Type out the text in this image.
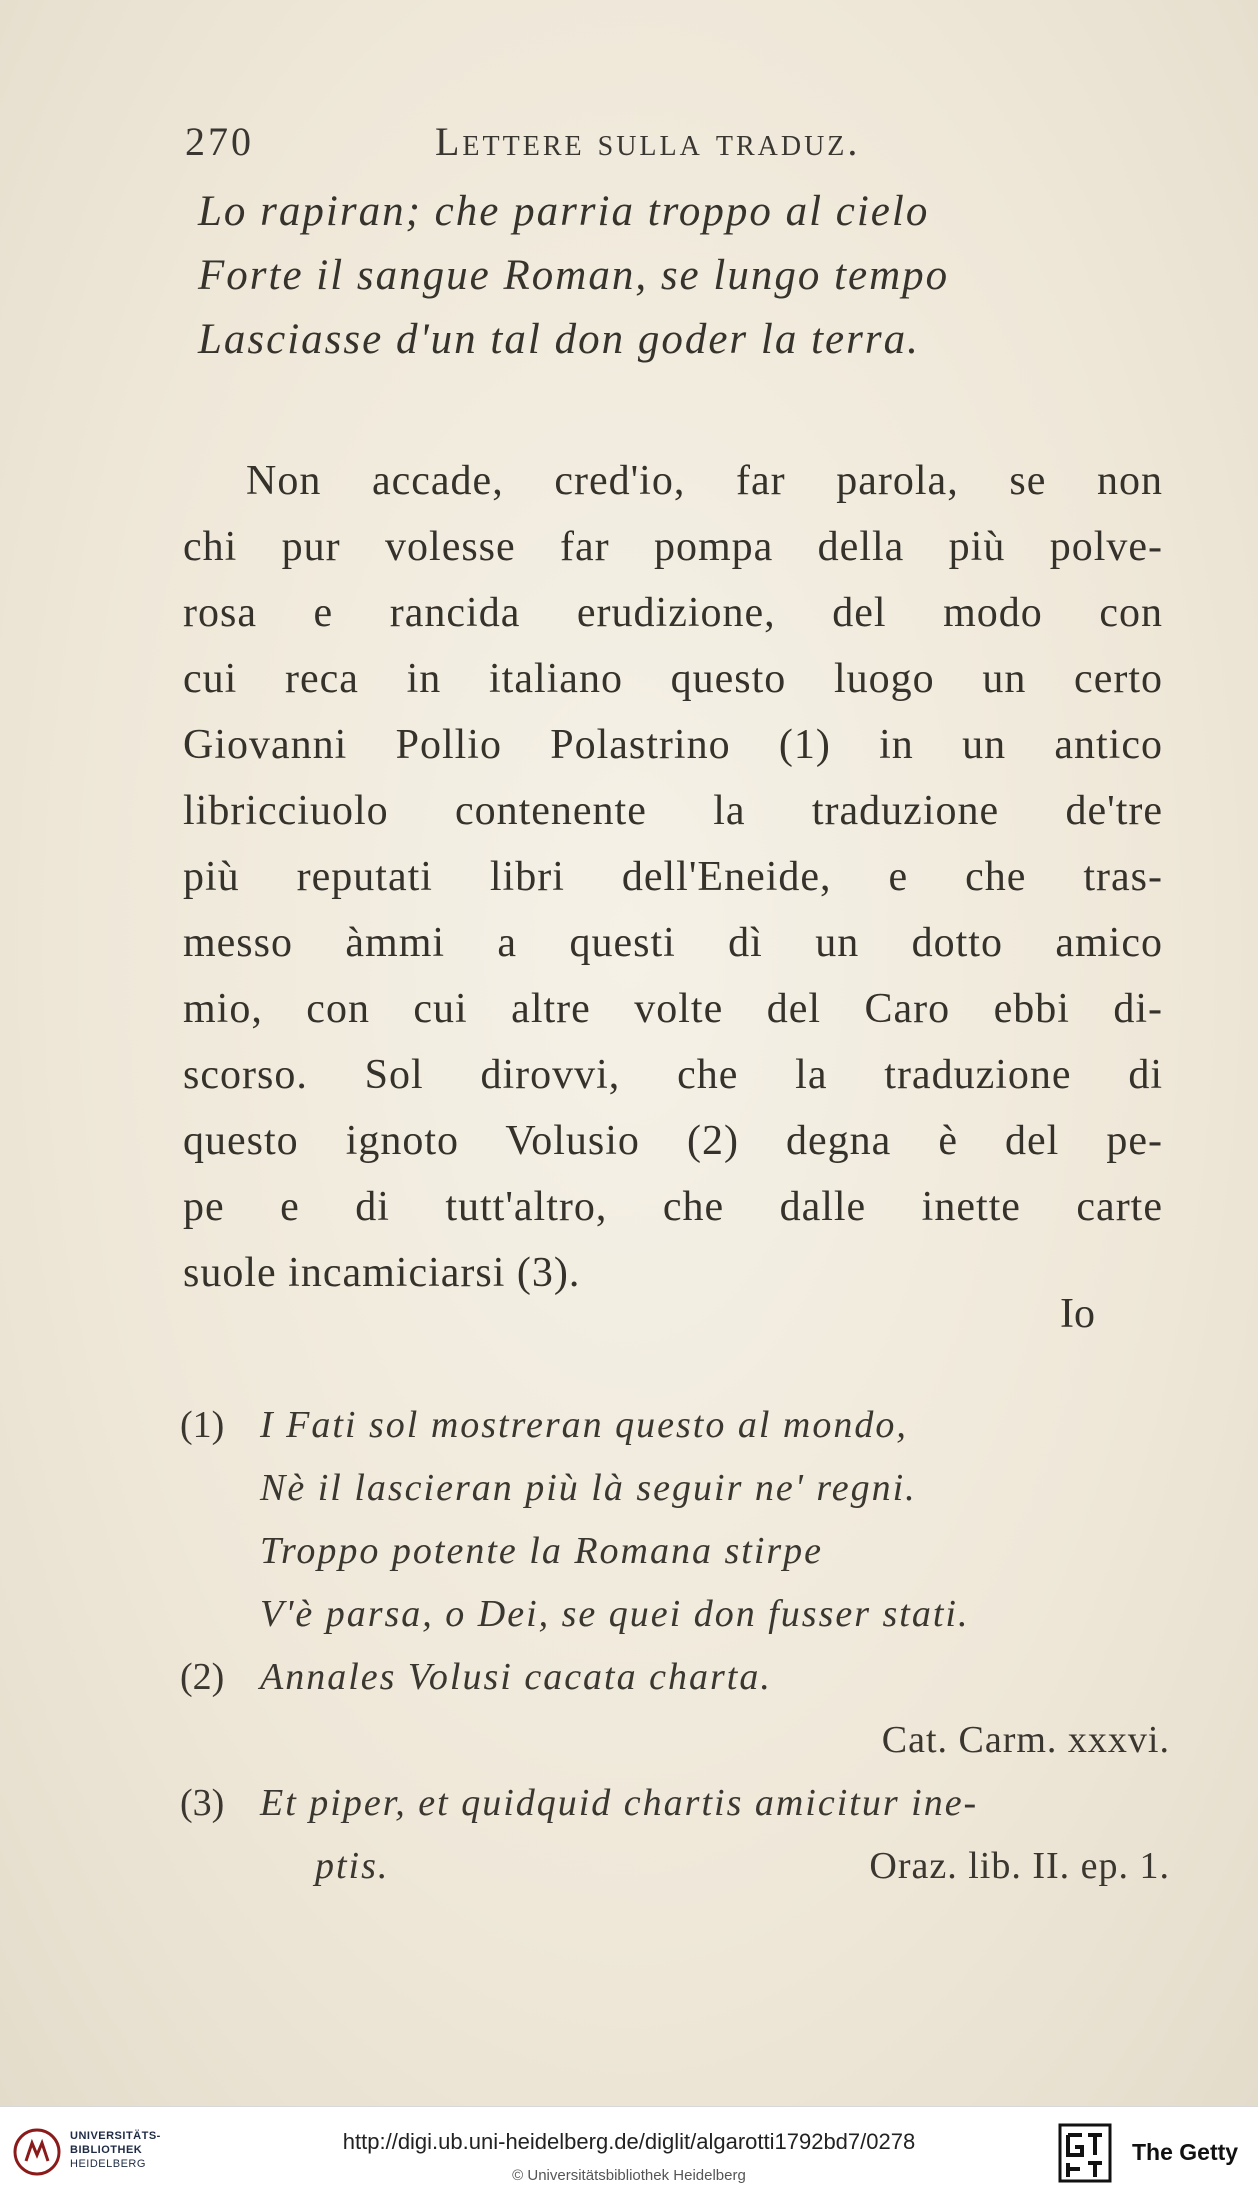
270	Lettere sulla traduz.
Lo rapiran; che parria troppo al cielo
Forte il sangue Roman, se lungo tempo
Lasciasse d'un tal don goder la terra.
Non accade, cred'io, far parola, se non
chi pur volesse far pompa della più polve-
rosa e rancida erudizione, del modo con
cui reca in italiano questo luogo un certo
Giovanni Pollio Polastrino (1) in un antico
libricciuolo contenente la traduzione de'tre
più reputati libri dell'Eneide, e che tras-
messo àmmi a questi dì un dotto amico
mio, con cui altre volte del Caro ebbi di-
scorso. Sol dirovvi, che la traduzione di
questo ignoto Volusio (2) degna è del pe-
pe e di tutt'altro, che dalle inette carte
suole incamiciarsi (3).
Io
(1) I Fati sol mostreran questo al mondo,
Nè il lascieran più là seguir ne' regni.
Troppo potente la Romana stirpe
V'è parsa, o Dei, se quei don fusser stati.
(2) Annales Volusi cacata charta.
Cat. Carm. xxxvi.
(3) Et piper, et quidquid chartis amicitur ine-
ptis.	Oraz. lib. II. ep. 1.
UNIVERSITÄTS-
BIBLIOTHEK
HEIDELBERG
http://digi.ub.uni-heidelberg.de/diglit/algarotti1792bd7/0278
© Universitätsbibliothek Heidelberg
The Getty
